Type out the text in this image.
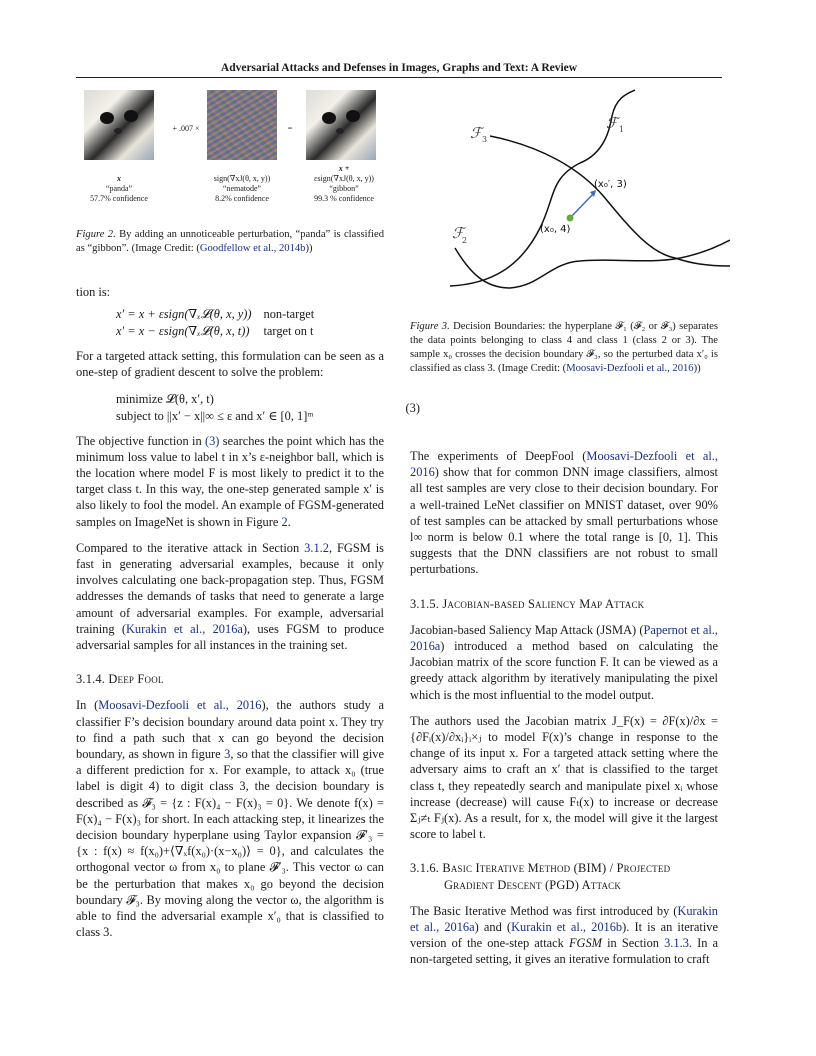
Adversarial Attacks and Defenses in Images, Graphs and Text: A Review
+ .007 ×	=
x
“panda”
57.7% confidence
sign(∇xJ(θ, x, y))
“nematode”
8.2% confidence
x +
εsign(∇xJ(θ, x, y))
“gibbon”
99.3 % confidence
Figure 2. By adding an unnoticeable perturbation, “panda” is classified as “gibbon”. (Image Credit: (Goodfellow et al., 2014b))

tion is:

x′ = x + εsign(∇ₓ𝓛(θ, x, y)) non-target
x′ = x − εsign(∇ₓ𝓛(θ, x, t)) target on t

For a targeted attack setting, this formulation can be seen as a one-step of gradient descent to solve the problem:

minimize 𝓛(θ, x′, t)
subject to ||x′ − x||∞ ≤ ε and x′ ∈ [0, 1]ᵐ
(3)

The objective function in (3) searches the point which has the minimum loss value to label t in x’s ε-neighbor ball, which is the location where model F is most likely to predict it to the target class t. In this way, the one-step generated sample x′ is also likely to fool the model. An example of FGSM-generated samples on ImageNet is shown in Figure 2.

Compared to the iterative attack in Section 3.1.2, FGSM is fast in generating adversarial examples, because it only involves calculating one back-propagation step. Thus, FGSM addresses the demands of tasks that need to generate a large amount of adversarial examples. For example, adversarial training (Kurakin et al., 2016a), uses FGSM to produce adversarial samples for all instances in the training set.

3.1.4. Deep Fool

In (Moosavi-Dezfooli et al., 2016), the authors study a classifier F’s decision boundary around data point x. They try to find a path such that x can go beyond the decision boundary, as shown in figure 3, so that the classifier will give a different prediction for x. For example, to attack x₀ (true label is digit 4) to digit class 3, the decision boundary is described as 𝓕₃ = {z : F(x)₄ − F(x)₃ = 0}. We denote f(x) = F(x)₄ − F(x)₃ for short. In each attacking step, it linearizes the decision boundary hyperplane using Taylor expansion 𝓕′₃ = {x : f(x) ≈ f(x₀)+⟨∇ₓf(x₀)·(x−x₀)⟩ = 0}, and calculates the orthogonal vector ω from x₀ to plane 𝓕′₃. This vector ω can be the perturbation that makes x₀ go beyond the decision boundary 𝓕₃. By moving along the vector ω, the algorithm is able to find the adversarial example x′₀ that is classified to class 3.

ℱ 1
ℱ 3
ℱ
2
(x₀, 4)
(x₀′, 3)
Figure 3. Decision Boundaries: the hyperplane 𝓕₁ (𝓕₂ or 𝓕₃) separates the data points belonging to class 4 and class 1 (class 2 or 3). The sample x₀ crosses the decision boundary 𝓕₃, so the perturbed data x′₀ is classified as class 3. (Image Credit: (Moosavi-Dezfooli et al., 2016))

The experiments of DeepFool (Moosavi-Dezfooli et al., 2016) show that for common DNN image classifiers, almost all test samples are very close to their decision boundary. For a well-trained LeNet classifier on MNIST dataset, over 90% of test samples can be attacked by small perturbations whose l∞ norm is below 0.1 where the total range is [0, 1]. This suggests that the DNN classifiers are not robust to small perturbations.

3.1.5. Jacobian-based Saliency Map Attack

Jacobian-based Saliency Map Attack (JSMA) (Papernot et al., 2016a) introduced a method based on calculating the Jacobian matrix of the score function F. It can be viewed as a greedy attack algorithm by iteratively manipulating the pixel which is the most influential to the model output.

The authors used the Jacobian matrix J_F(x) = ∂F(x)/∂x = {∂Fᵢ(x)/∂xᵢ}ᵢ×ⱼ to model F(x)’s change in response to the change of its input x. For a targeted attack setting where the adversary aims to craft an x′ that is classified to the target class t, they repeatedly search and manipulate pixel xᵢ whose increase (decrease) will cause Fₜ(x) to increase or decrease Σⱼ≠ₜ Fⱼ(x). As a result, for x, the model will give it the largest score to label t.

3.1.6. Basic Iterative Method (BIM) / Projected
Gradient Descent (PGD) Attack

The Basic Iterative Method was first introduced by (Kurakin et al., 2016a) and (Kurakin et al., 2016b). It is an iterative version of the one-step attack FGSM in Section 3.1.3. In a non-targeted setting, it gives an iterative formulation to craft
